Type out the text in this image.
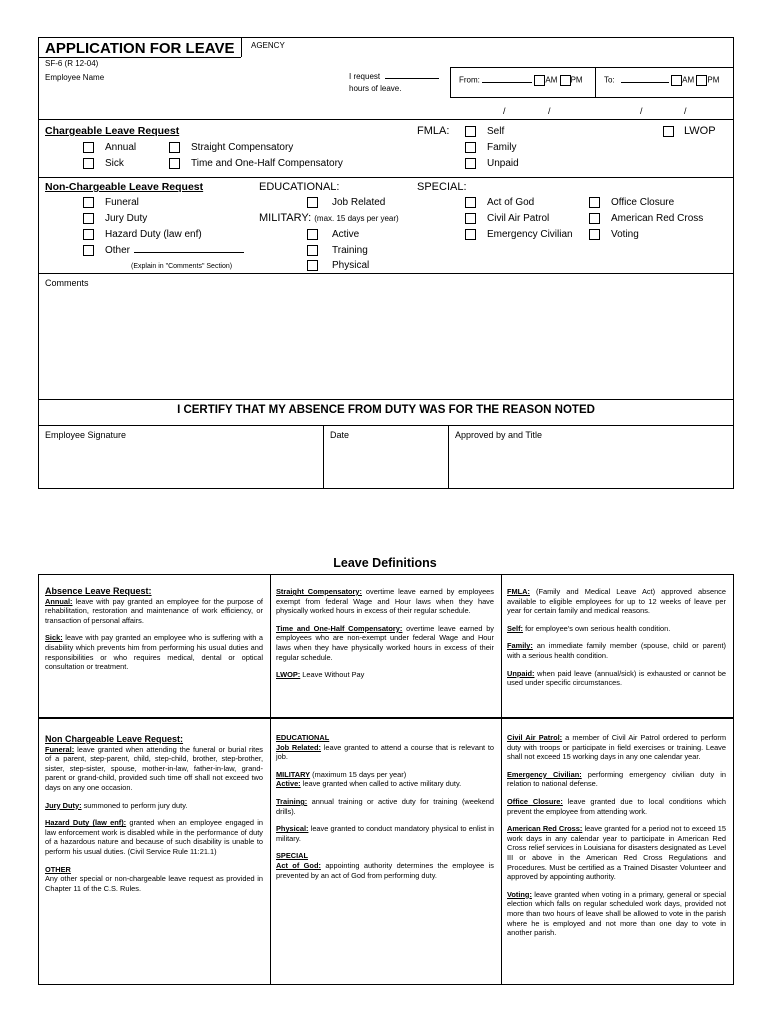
APPLICATION FOR LEAVE AGENCY
SF-6 (R 12-04)
Employee Name	I request
hours of leave.
From:	AM PM	To:	AM PM
/	/	/	/
Chargeable Leave Request
Annual
Sick
Straight Compensatory
Time and One-Half Compensatory
FMLA:	Self
Family
Unpaid
LWOP
Non-Chargeable Leave Request
Funeral
Jury Duty
Hazard Duty (law enf)
Other
(Explain in "Comments" Section)
EDUCATIONAL:
Job Related
MILITARY: (max. 15 days per year)
Active
Training
Physical
SPECIAL:
Act of God
Civil Air Patrol
Emergency Civilian
Office Closure
American Red Cross
Voting
Comments
I CERTIFY THAT MY ABSENCE FROM DUTY WAS FOR THE REASON NOTED
Employee Signature	Date	Approved by and Title
Leave Definitions

Absence Leave Request:

Annual: leave with pay granted an employee for the purpose of rehabilitation, restoration and maintenance of work efficiency, or transaction of personal affairs.

Sick: leave with pay granted an employee who is suffering with a disability which prevents him from performing his usual duties and responsibilities or who requires medical, dental or optical consultation or treatment.

Straight Compensatory: overtime leave earned by employees exempt from federal Wage and Hour laws when they have physically worked hours in excess of their regular schedule.

Time and One-Half Compensatory: overtime leave earned by employees who are non-exempt under federal Wage and Hour laws when they have physically worked hours in excess of their regular schedule.

LWOP: Leave Without Pay

FMLA: (Family and Medical Leave Act) approved absence available to eligible employees for up to 12 weeks of leave per year for certain family and medical reasons.

Self: for employee's own serious health condition.

Family: an immediate family member (spouse, child or parent) with a serious health condition.

Unpaid: when paid leave (annual/sick) is exhausted or cannot be used under specific circumstances.

Non Chargeable Leave Request:

Funeral: leave granted when attending the funeral or burial rites of a parent, step-parent, child, step-child, brother, step-brother, sister, step-sister, spouse, mother-in-law, father-in-law, grand-parent or grand-child, provided such time off shall not exceed two days on any one occasion.

Jury Duty: summoned to perform jury duty.

Hazard Duty (law enf): granted when an employee engaged in law enforcement work is disabled while in the performance of duty of a hazardous nature and because of such disability is unable to perform his usual duties. (Civil Service Rule 11:21.1)

OTHER

Any other special or non-chargeable leave request as provided in Chapter 11 of the C.S. Rules.

EDUCATIONAL

Job Related: leave granted to attend a course that is relevant to job.

MILITARY (maximum 15 days per year)

Active: leave granted when called to active military duty.

Training: annual training or active duty for training (weekend drills).

Physical: leave granted to conduct mandatory physical to enlist in military.

SPECIAL

Act of God: appointing authority determines the employee is prevented by an act of God from performing duty.

Civil Air Patrol: a member of Civil Air Patrol ordered to perform duty with troops or participate in field exercises or training. Leave shall not exceed 15 working days in any one calendar year.

Emergency Civilian: performing emergency civilian duty in relation to national defense.

Office Closure: leave granted due to local conditions which prevent the employee from attending work.

American Red Cross: leave granted for a period not to exceed 15 work days in any calendar year to participate in American Red Cross relief services in Louisiana for disasters designated as Level III or above in the American Red Cross Regulations and Procedures. Must be certified as a Trained Disaster Volunteer and approved by appointing authority.

Voting: leave granted when voting in a primary, general or special election which falls on regular scheduled work days, provided not more than two hours of leave shall be allowed to vote in the parish where he is employed and not more than one day to vote in another parish.
